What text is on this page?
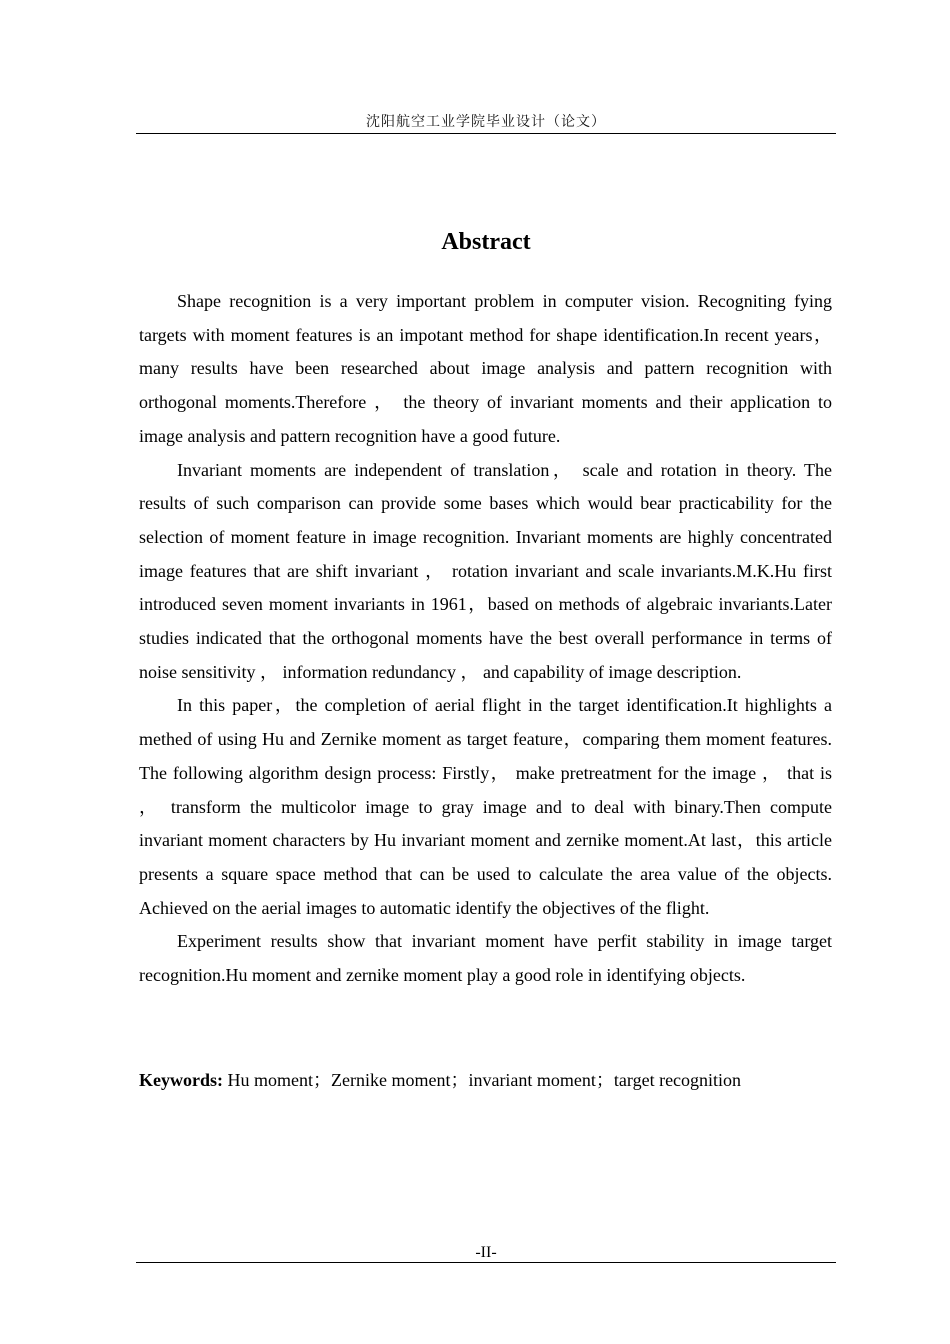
沈阳航空工业学院毕业设计（论文）
Abstract

Shape recognition is a very important problem in computer vision. Recogniting fying targets with moment features is an impotant method for shape identification.In recent years， many results have been researched about image analysis and pattern recognition with orthogonal moments.Therefore ， the theory of invariant moments and their application to image analysis and pattern recognition have a good future.

Invariant moments are independent of translation， scale and rotation in theory. The results of such comparison can provide some bases which would bear practicability for the selection of moment feature in image recognition. Invariant moments are highly concentrated image features that are shift invariant ， rotation invariant and scale invariants.M.K.Hu first introduced seven moment invariants in 1961，based on methods of algebraic invariants.Later studies indicated that the orthogonal moments have the best overall performance in terms of noise sensitivity ， information redundancy ， and capability of image description.

In this paper，the completion of aerial flight in the target identification.It highlights a methed of using Hu and Zernike moment as target feature，comparing them moment features. The following algorithm design process: Firstly， make pretreatment for the image ， that is ， transform the multicolor image to gray image and to deal with binary.Then compute invariant moment characters by Hu invariant moment and zernike moment.At last，this article presents a square space method that can be used to calculate the area value of the objects. Achieved on the aerial images to automatic identify the objectives of the flight.

Experiment results show that invariant moment have perfit stability in image target recognition.Hu moment and zernike moment play a good role in identifying objects.

Keywords: Hu moment；Zernike moment；invariant moment；target recognition
-II-
